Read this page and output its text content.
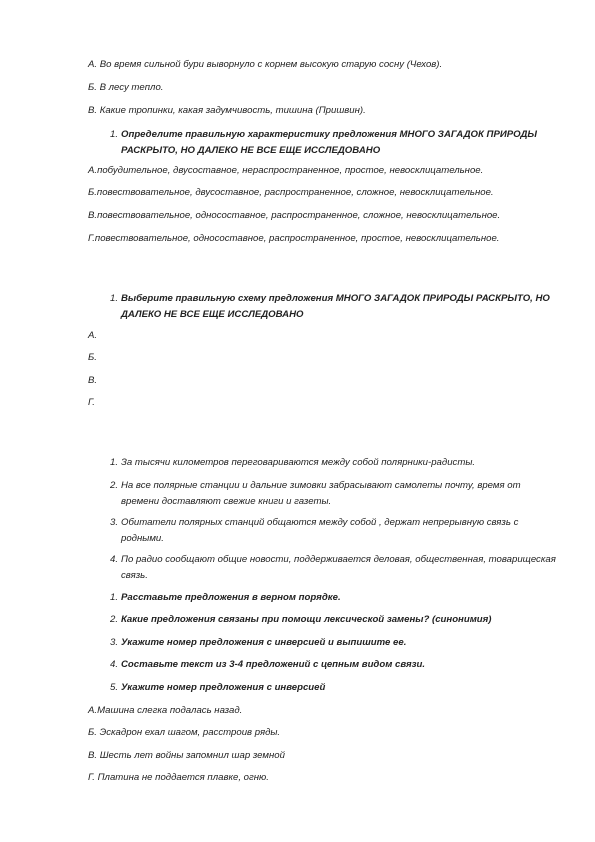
А. Во время сильной бури выворнуло с корнем высокую старую сосну (Чехов).
Б. В лесу тепло.
В. Какие тропинки, какая задумчивость, тишина (Пришвин).
1. Определите правильную характеристику предложения МНОГО ЗАГАДОК ПРИРОДЫ РАСКРЫТО, НО ДАЛЕКО НЕ ВСЕ ЕЩЕ ИССЛЕДОВАНО
А.побудительное, двусоставное, нераспространенное, простое, невосклицательное.
Б.повествовательное, двусоставное, распространенное, сложное, невосклицательное.
В.повествовательное, односоставное, распространенное, сложное, невосклицательное.
Г.повествовательное, односоставное, распространенное, простое, невосклицательное.
1. Выберите правильную схему предложения МНОГО ЗАГАДОК ПРИРОДЫ РАСКРЫТО, НО ДАЛЕКО НЕ ВСЕ ЕЩЕ ИССЛЕДОВАНО
А.
Б.
В.
Г.
1. За тысячи километров переговариваются между собой полярники-радисты.
2. На все полярные станции и дальние зимовки забрасывают самолеты почту, время от времени доставляют свежие книги и газеты.
3. Обитатели полярных станций общаются между собой , держат непрерывную связь с родными.
4. По радио сообщают общие новости, поддерживается деловая, общественная, товарищеская связь.
1. Расставьте предложения в верном порядке.
2. Какие предложения связаны при помощи лексической замены? (синонимия)
3. Укажите номер предложения с инверсией и выпишите ее.
4. Составьте текст из 3-4 предложений с цепным видом связи.
5. Укажите номер предложения с инверсией
А.Машина слегка подалась назад.
Б. Эскадрон ехал шагом, расстроив ряды.
В. Шесть лет войны запомнил шар земной
Г. Платина не поддается плавке, огню.
